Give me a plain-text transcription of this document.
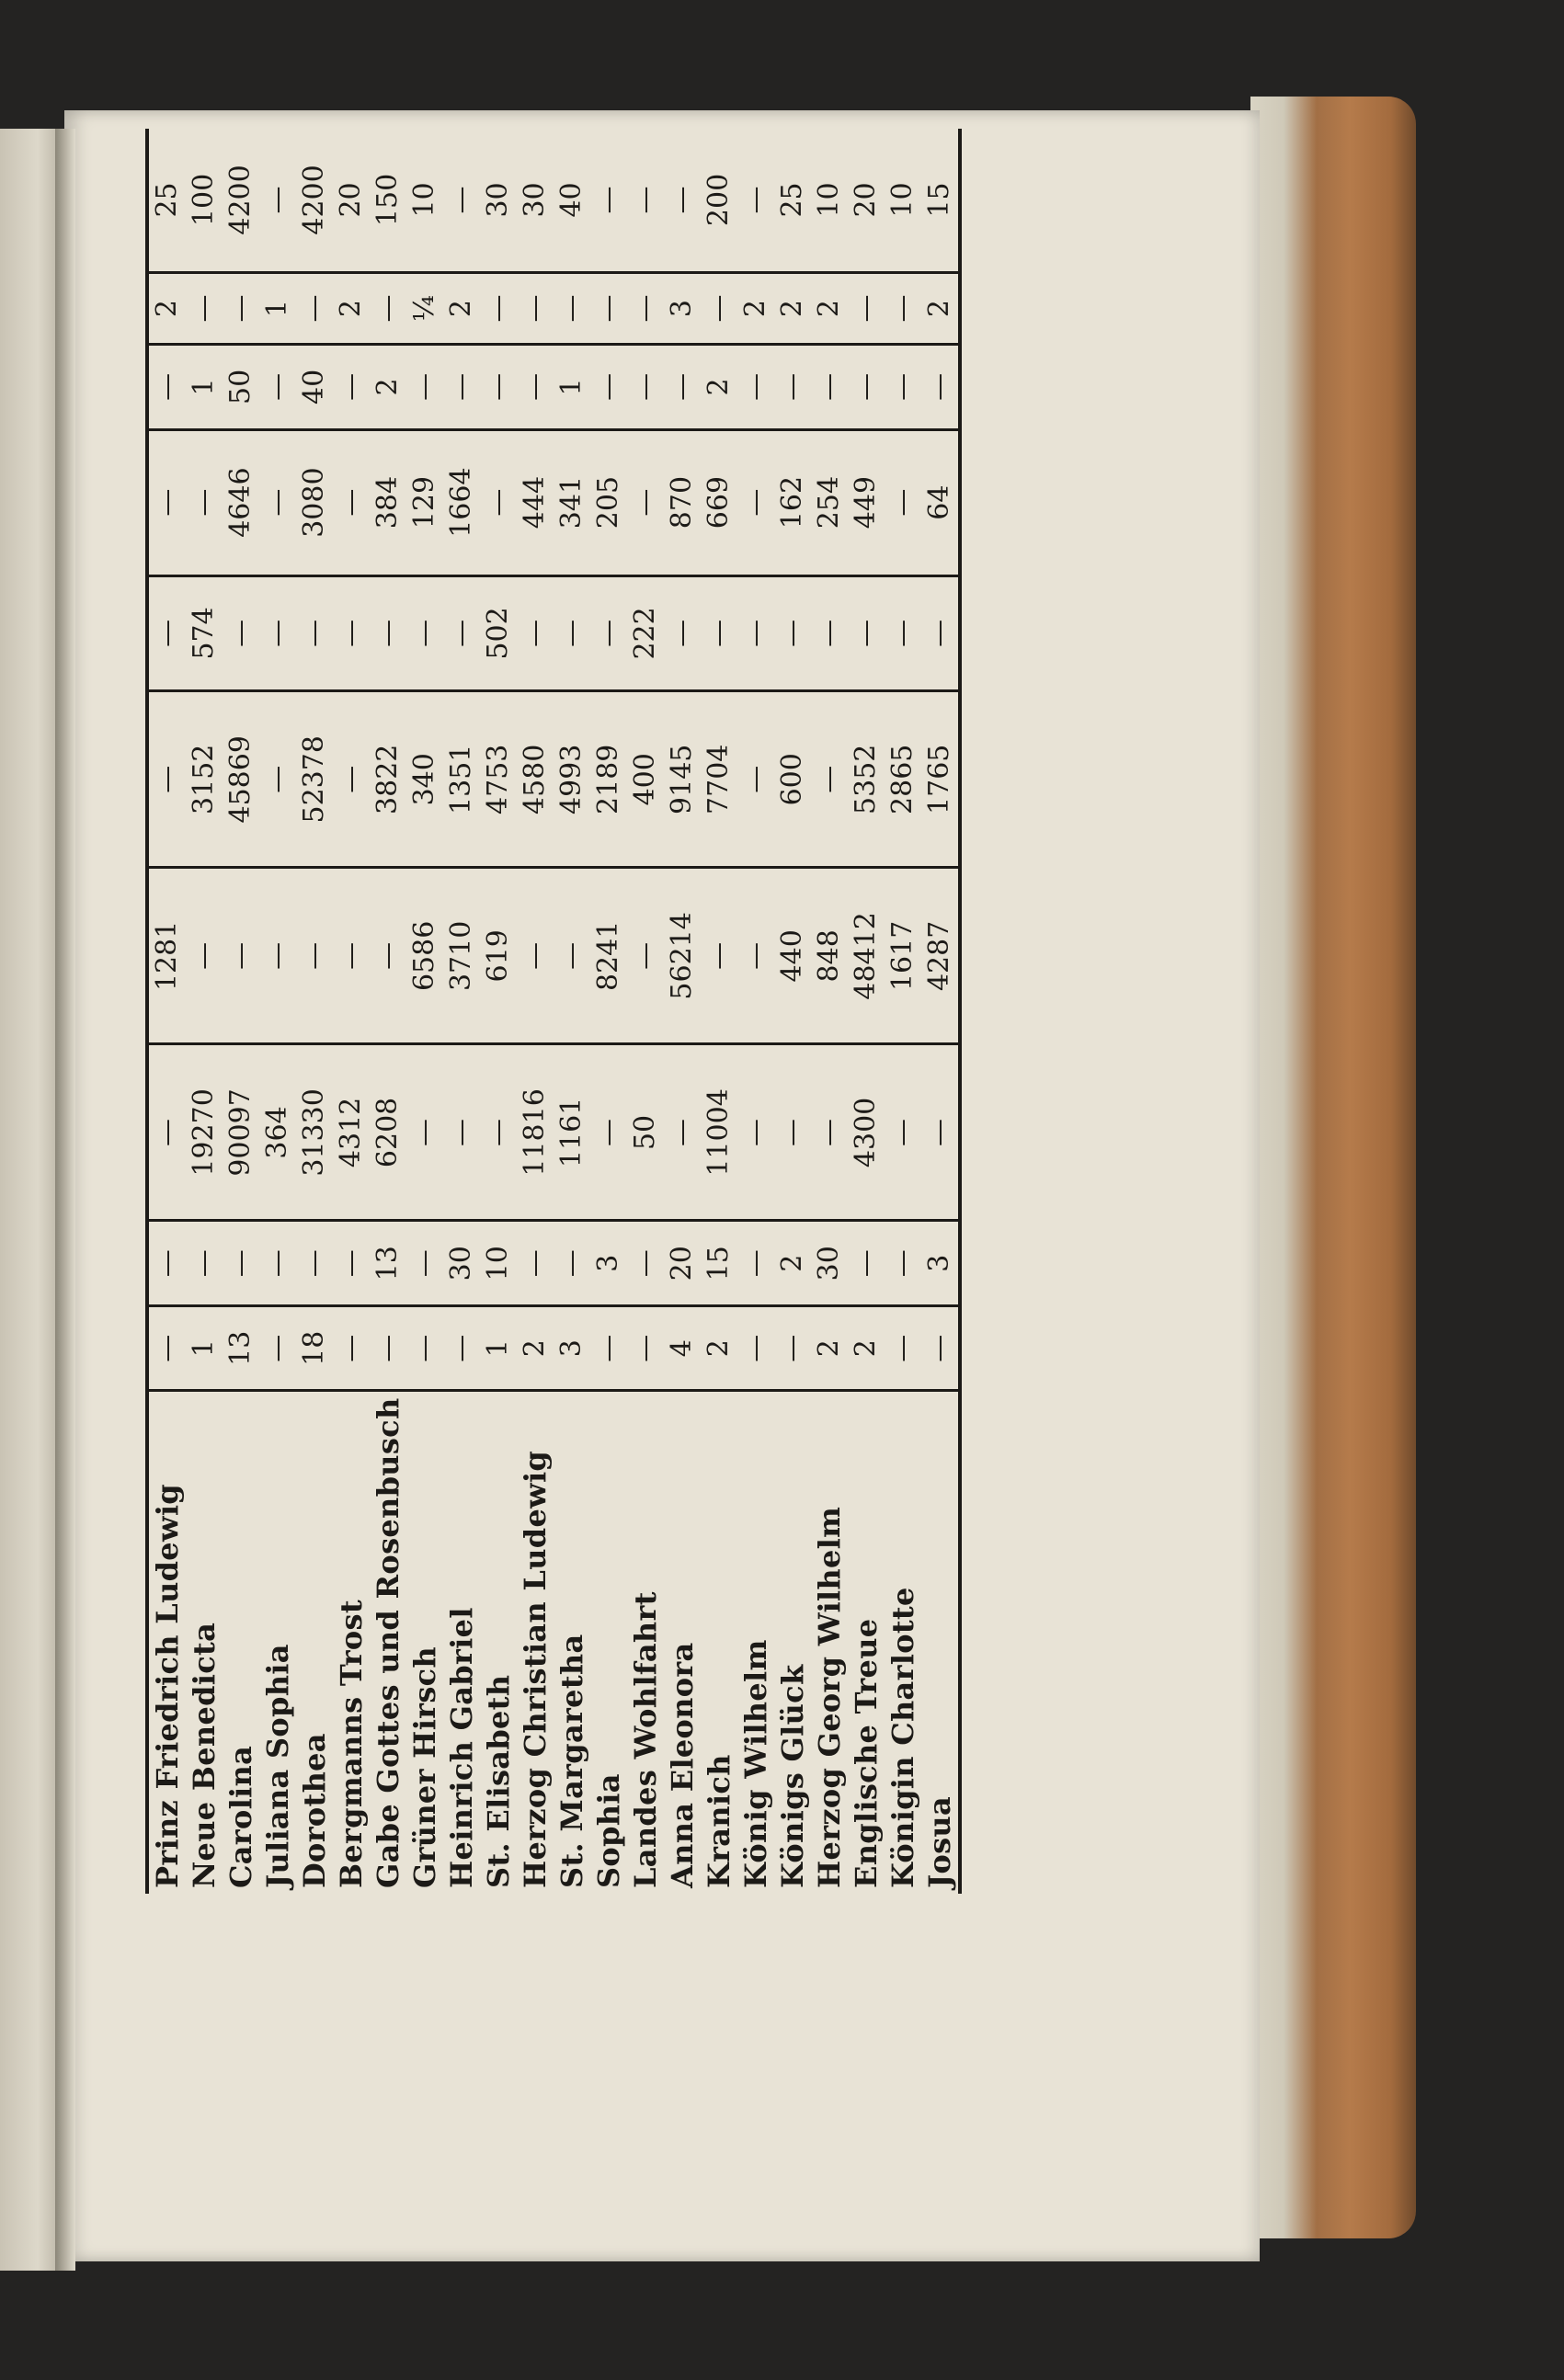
Prinz Friedrich Ludewig	—	—	—	1281	—	—	—	—	2	25
Neue Benedicta	1	—	19270	—	3152	574	—	1	—	100
Carolina	13	—	90097	—	45869	—	4646	50	—	4200
Juliana Sophia	—	—	364	—	—	—	—	—	1	—
Dorothea	18	—	31330	—	52378	—	3080	40	—	4200
Bergmanns Trost	—	—	4312	—	—	—	—	—	2	20
Gabe Gottes und Rosenbusch	—	13	6208	—	3822	—	384	2	—	150
Grüner Hirsch	—	—	—	6586	340	—	129	—	¼	10
Heinrich Gabriel	—	30	—	3710	1351	—	1664	—	2	—
St. Elisabeth	1	10	—	619	4753	502	—	—	—	30
Herzog Christian Ludewig	2	—	11816	—	4580	—	444	—	—	30
St. Margaretha	3	—	1161	—	4993	—	341	1	—	40
Sophia	—	3	—	8241	2189	—	205	—	—	—
Landes Wohlfahrt	—	—	50	—	400	222	—	—	—	—
Anna Eleonora	4	20	—	56214	9145	—	870	—	3	—
Kranich	2	15	11004	—	7704	—	669	2	—	200
König Wilhelm	—	—	—	—	—	—	—	—	2	—
Königs Glück	—	2	—	440	600	—	162	—	2	25
Herzog Georg Wilhelm	2	30	—	848	—	—	254	—	2	10
Englische Treue	2	—	4300	48412	5352	—	449	—	—	20
Königin Charlotte	—	—	—	1617	2865	—	—	—	—	10
Josua	—	3	—	4287	1765	—	64	—	2	15
